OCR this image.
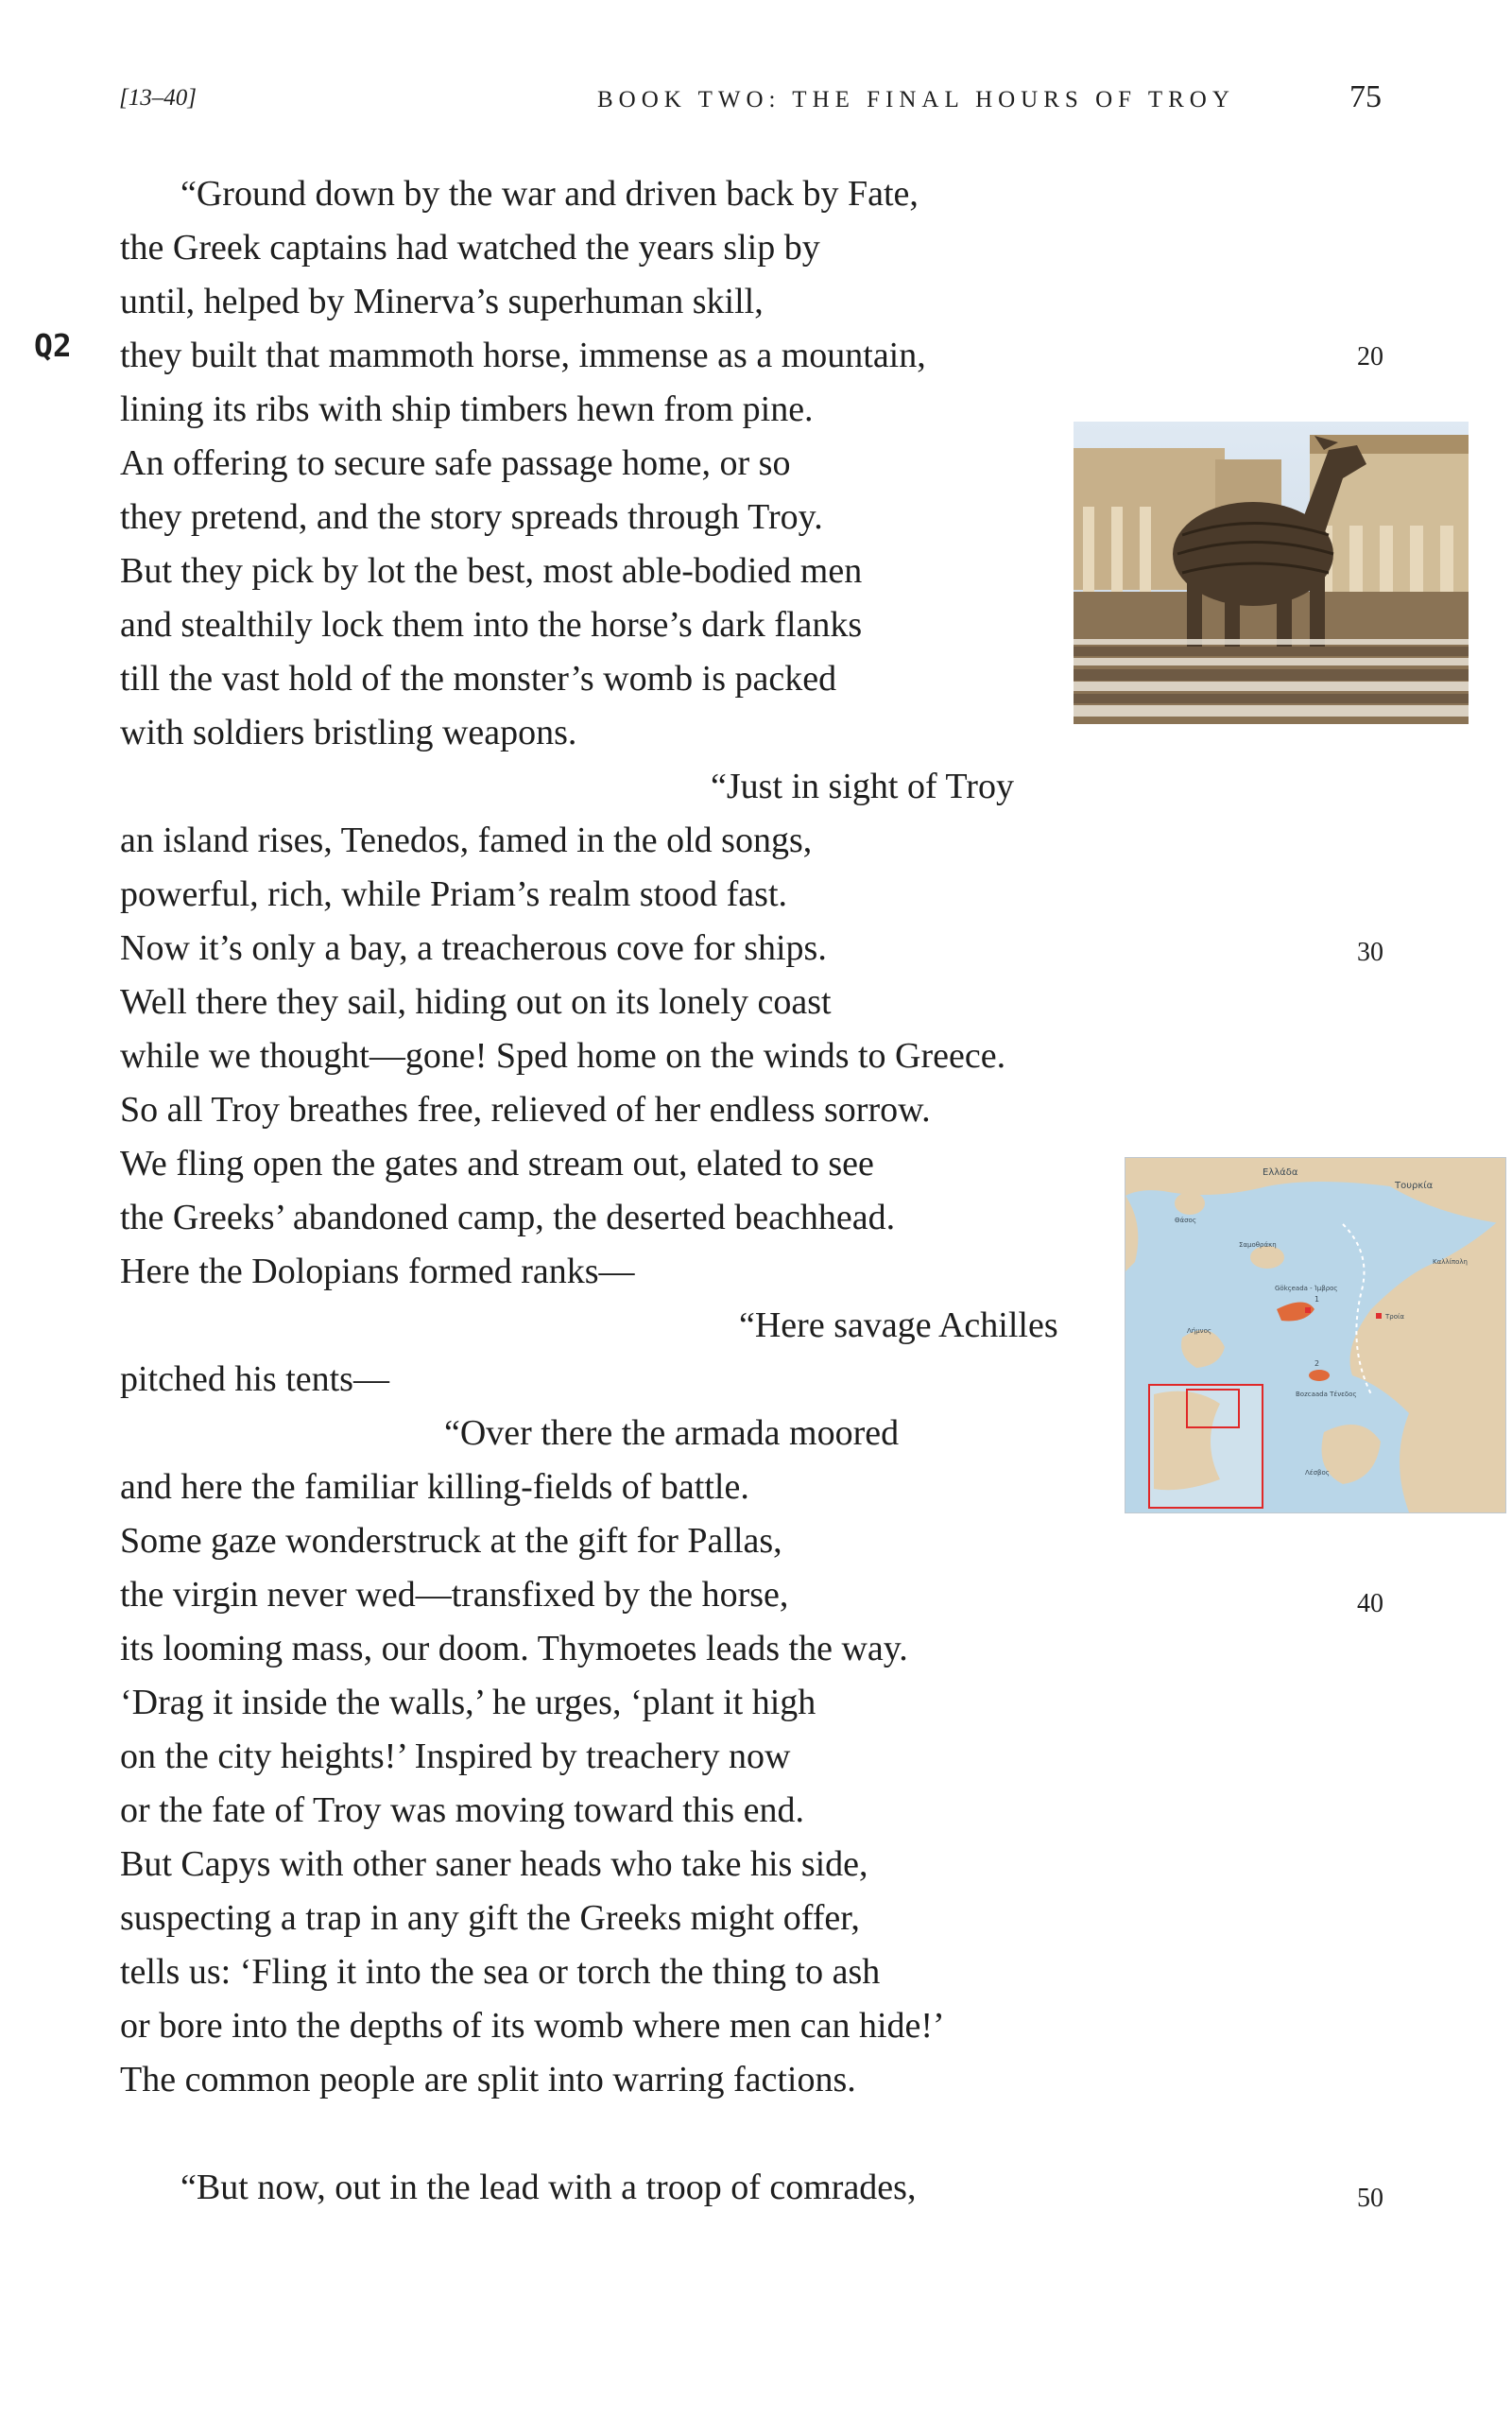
[13–40]	BOOK TWO: THE FINAL HOURS OF TROY	75
Q2
“Ground down by the war and driven back by Fate,
the Greek captains had watched the years slip by
until, helped by Minerva’s superhuman skill,
they built that mammoth horse, immense as a mountain,
lining its ribs with ship timbers hewn from pine.
An offering to secure safe passage home, or so
they pretend, and the story spreads through Troy.
But they pick by lot the best, most able-bodied men
and stealthily lock them into the horse’s dark flanks
till the vast hold of the monster’s womb is packed
with soldiers bristling weapons.
“Just in sight of Troy
an island rises, Tenedos, famed in the old songs,
powerful, rich, while Priam’s realm stood fast.
Now it’s only a bay, a treacherous cove for ships.
Well there they sail, hiding out on its lonely coast
while we thought—gone! Sped home on the winds to Greece.
So all Troy breathes free, relieved of her endless sorrow.
We fling open the gates and stream out, elated to see
the Greeks’ abandoned camp, the deserted beachhead.
Here the Dolopians formed ranks—
“Here savage Achilles
pitched his tents—
“Over there the armada moored
and here the familiar killing-fields of battle.
Some gaze wonderstruck at the gift for Pallas,
the virgin never wed—transfixed by the horse,
its looming mass, our doom. Thymoetes leads the way.
‘Drag it inside the walls,’ he urges, ‘plant it high
on the city heights!’ Inspired by treachery now
or the fate of Troy was moving toward this end.
But Capys with other saner heads who take his side,
suspecting a trap in any gift the Greeks might offer,
tells us: ‘Fling it into the sea or torch the thing to ash
or bore into the depths of its womb where men can hide!’
The common people are split into warring factions.
“But now, out in the lead with a troop of comrades,
20
30
40
50
Ελλάδα
Τουρκία
Θάσος
Σαμοθράκη
Καλλίπολη
Gökçeada - Ίμβρος
Τροία
Λήμνος
Bozcaada Τένεδος
Λέσβος
1
2
